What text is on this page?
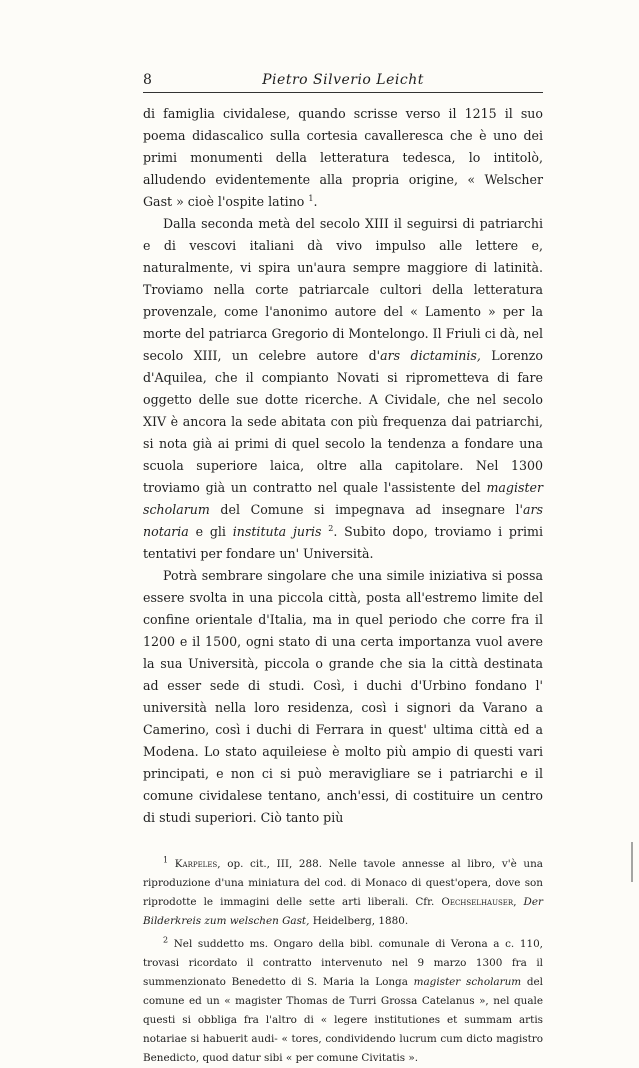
8	Pietro Silverio Leicht

di famiglia cividalese, quando scrisse verso il 1215 il suo poema didascalico sulla cortesia cavalleresca che è uno dei primi monumenti della letteratura tedesca, lo intitolò, alludendo evidentemente alla propria origine, « Welscher Gast » cioè l'ospite latino $^1$.

Dalla seconda metà del secolo XIII il seguirsi di patriarchi e di vescovi italiani dà vivo impulso alle lettere e, naturalmente, vi spira un'aura sempre maggiore di latinità. Troviamo nella corte patriarcale cultori della letteratura provenzale, come l'anonimo autore del « Lamento » per la morte del patriarca Gregorio di Montelongo. Il Friuli ci dà, nel secolo XIII, un celebre autore d'ars dictaminis, Lorenzo d'Aquilea, che il compianto Novati si riprometteva di fare oggetto delle sue dotte ricerche. A Cividale, che nel secolo XIV è ancora la sede abitata con più frequenza dai patriarchi, si nota già ai primi di quel secolo la tendenza a fondare una scuola superiore laica, oltre alla capitolare. Nel 1300 troviamo già un contratto nel quale l'assistente del magister scholarum del Comune si impegnava ad insegnare l'ars notaria e gli instituta juris $^2$. Subito dopo, troviamo i primi tentativi per fondare un' Università.

Potrà sembrare singolare che una simile iniziativa si possa essere svolta in una piccola città, posta all'estremo limite del confine orientale d'Italia, ma in quel periodo che corre fra il 1200 e il 1500, ogni stato di una certa importanza vuol avere la sua Università, piccola o grande che sia la città destinata ad esser sede di studi. Così, i duchi d'Urbino fondano l' università nella loro residenza, così i signori da Varano a Camerino, così i duchi di Ferrara in quest' ultima città ed a Modena. Lo stato aquileiese è molto più ampio di questi vari principati, e non ci si può meravigliare se i patriarchi e il comune cividalese tentano, anch'essi, di costituire un centro di studi superiori. Ciò tanto più

$^1$ Karpeles, op. cit., III, 288. Nelle tavole annesse al libro, v'è una riproduzione d'una miniatura del cod. di Monaco di quest'opera, dove son riprodotte le immagini delle sette arti liberali. Cfr. Oechselhauser, Der Bilderkreis zum welschen Gast, Heidelberg, 1880.

$^2$ Nel suddetto ms. Ongaro della bibl. comunale di Verona a c. 110, trovasi ricordato il contratto intervenuto nel 9 marzo 1300 fra il summenzionato Benedetto di S. Maria la Longa magister scholarum del comune ed un « magister Thomas de Turri Grossa Catelanus », nel quale questi si obbliga fra l'altro di « legere institutiones et summam artis notariae si habuerit audi- « tores, condividendo lucrum cum dicto magistro Benedicto, quod datur sibi « per comune Civitatis ».
